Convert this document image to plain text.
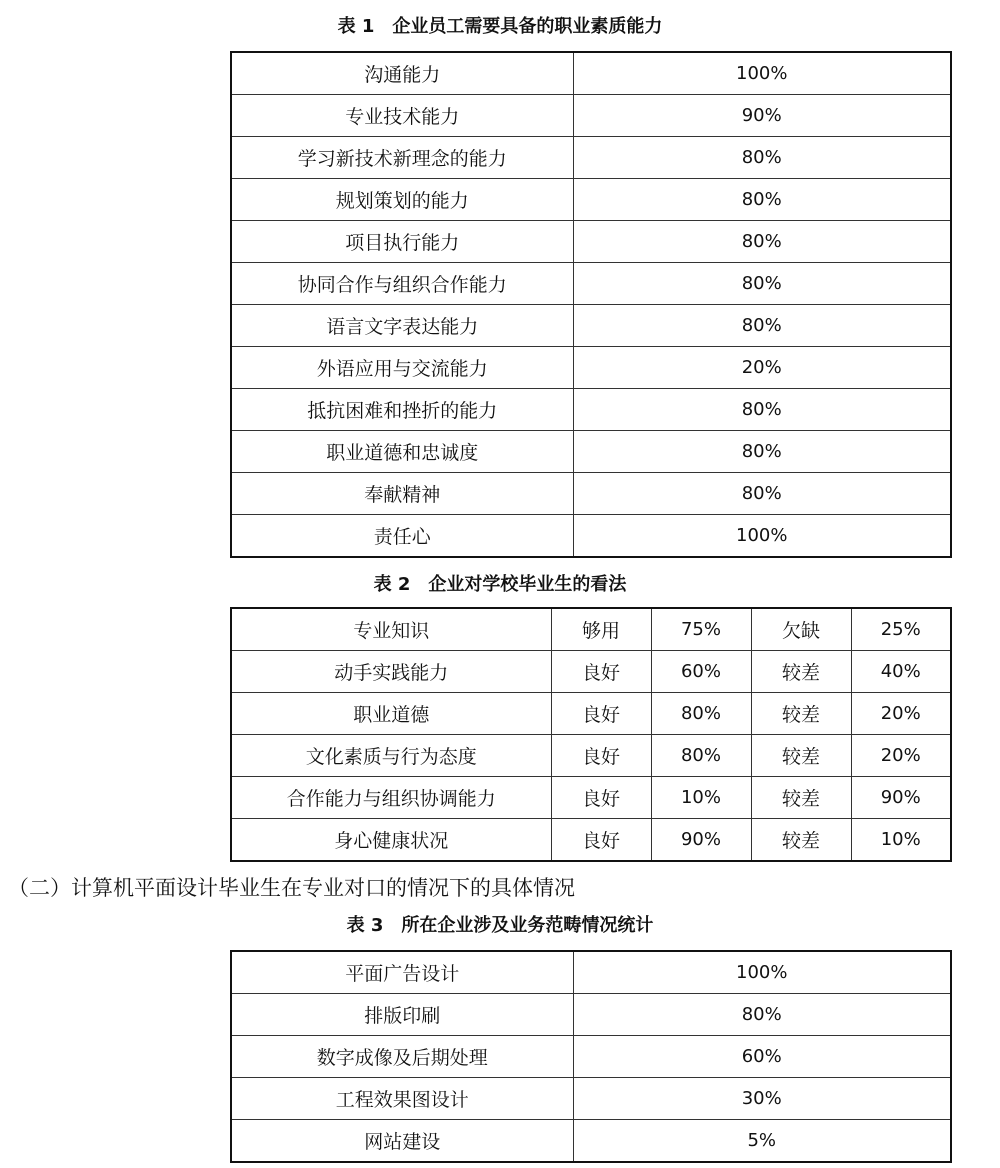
表 1　企业员工需要具备的职业素质能力
沟通能力	100%
专业技术能力	90%
学习新技术新理念的能力	80%
规划策划的能力	80%
项目执行能力	80%
协同合作与组织合作能力	80%
语言文字表达能力	80%
外语应用与交流能力	20%
抵抗困难和挫折的能力	80%
职业道德和忠诚度	80%
奉献精神	80%
责任心	100%
表 2　企业对学校毕业生的看法
专业知识	够用	75%	欠缺	25%
动手实践能力	良好	60%	较差	40%
职业道德	良好	80%	较差	20%
文化素质与行为态度	良好	80%	较差	20%
合作能力与组织协调能力	良好	10%	较差	90%
身心健康状况	良好	90%	较差	10%
（二）计算机平面设计毕业生在专业对口的情况下的具体情况
表 3　所在企业涉及业务范畴情况统计
平面广告设计	100%
排版印刷	80%
数字成像及后期处理	60%
工程效果图设计	30%
网站建设	5%
